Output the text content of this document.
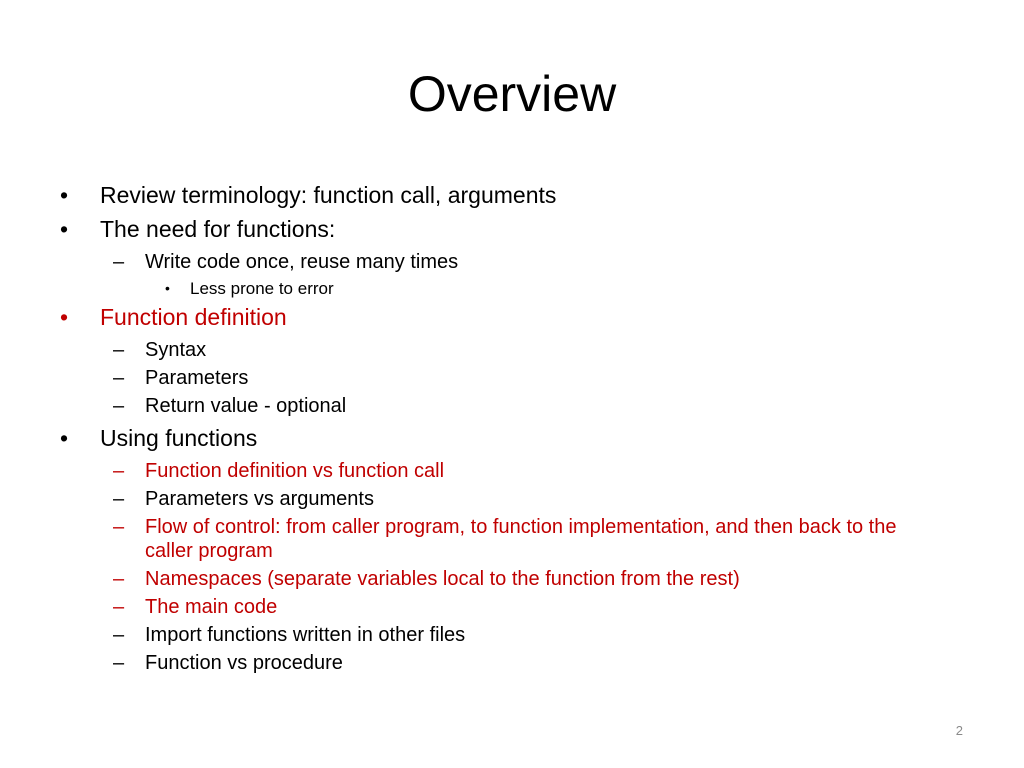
Overview
• Review terminology: function call, arguments
• The need for functions:
– Write code once, reuse many times
• Less prone to error
• Function definition
– Syntax
– Parameters
– Return value - optional
• Using functions
– Function definition vs function call
– Parameters vs arguments
– Flow of control: from caller program, to function implementation, and then back to the caller program
– Namespaces (separate variables local to the function from the rest)
– The main code
– Import functions written in other files
– Function vs procedure
2
